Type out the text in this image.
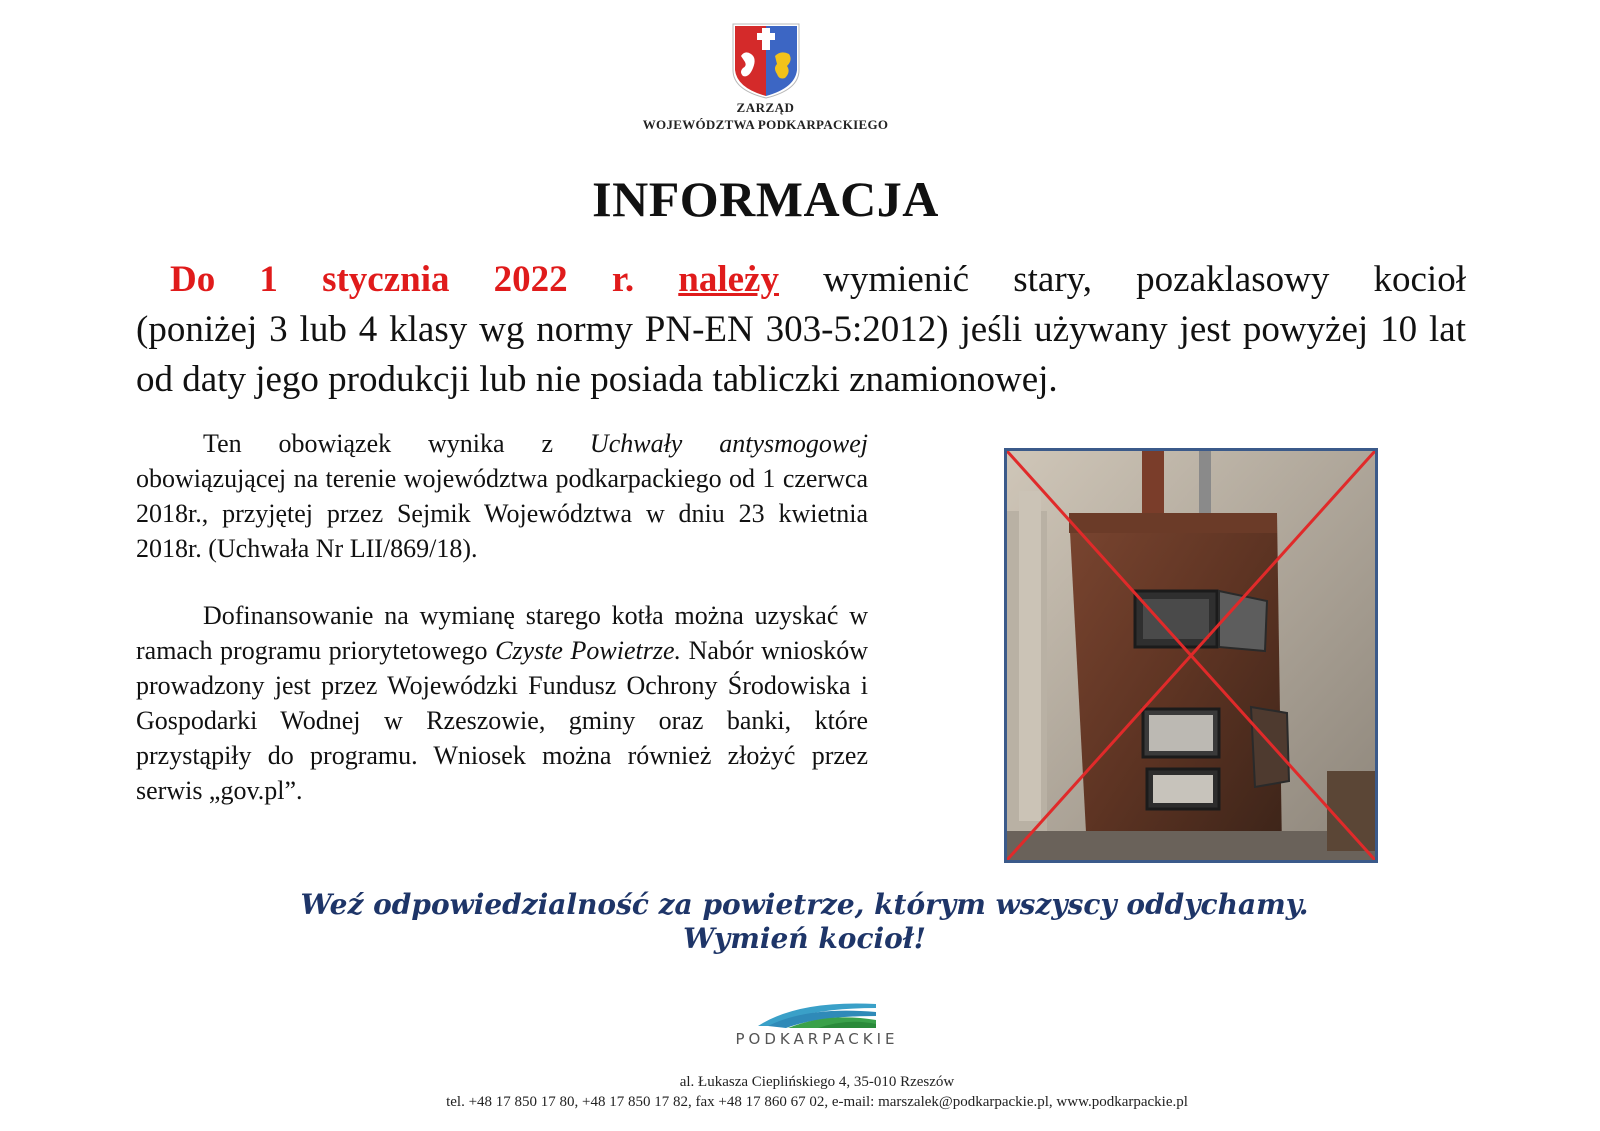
ZARZĄD
WOJEWÓDZTWA PODKARPACKIEGO
INFORMACJA
Do 1 stycznia 2022 r. należy wymienić stary, pozaklasowy kocioł
(poniżej 3 lub 4 klasy wg normy PN-EN 303-5:2012) jeśli używany jest powyżej 10 lat od daty jego produkcji lub nie posiada tabliczki znamionowej.
Ten obowiązek wynika z Uchwały antysmogowej obowiązującej na terenie województwa podkarpackiego od 1 czerwca 2018r., przyjętej przez Sejmik Województwa w dniu 23 kwietnia 2018r. (Uchwała Nr LII/869/18).
Dofinansowanie na wymianę starego kotła można uzyskać w ramach programu priorytetowego Czyste Powietrze. Nabór wniosków prowadzony jest przez Wojewódzki Fundusz Ochrony Środowiska i Gospodarki Wodnej w Rzeszowie, gminy oraz banki, które przystąpiły do programu. Wniosek można również złożyć przez serwis „gov.pl”.
Weź odpowiedzialność za powietrze, którym wszyscy oddychamy.
Wymień kocioł!
PODKARPACKIE
al. Łukasza Cieplińskiego 4, 35-010 Rzeszów
tel. +48 17 850 17 80, +48 17 850 17 82, fax +48 17 860 67 02, e-mail: marszalek@podkarpackie.pl, www.podkarpackie.pl
